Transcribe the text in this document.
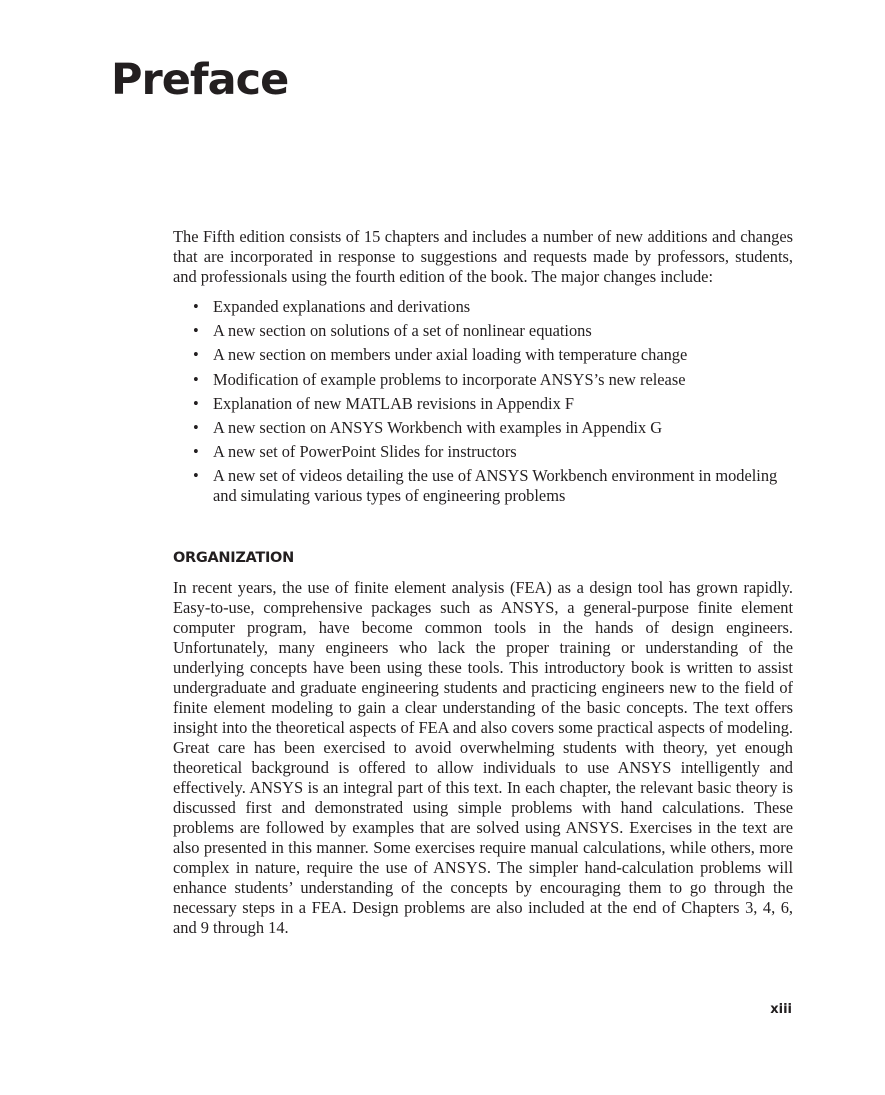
Preface

The Fifth edition consists of 15 chapters and includes a number of new additions and changes that are incorporated in response to suggestions and requests made by professors, students, and professionals using the fourth edition of the book. The major changes include:

• Expanded explanations and derivations
• A new section on solutions of a set of nonlinear equations
• A new section on members under axial loading with temperature change
• Modification of example problems to incorporate ANSYS’s new release
• Explanation of new MATLAB revisions in Appendix F
• A new section on ANSYS Workbench with examples in Appendix G
• A new set of PowerPoint Slides for instructors
• A new set of videos detailing the use of ANSYS Workbench environment in modeling and simulating various types of engineering problems
ORGANIZATION

In recent years, the use of finite element analysis (FEA) as a design tool has grown rapidly. Easy-to-use, comprehensive packages such as ANSYS, a general-purpose finite element computer program, have become common tools in the hands of design engineers. Unfortunately, many engineers who lack the proper training or understanding of the underlying concepts have been using these tools. This introductory book is written to assist undergraduate and graduate engineering students and practicing engineers new to the field of finite element modeling to gain a clear understanding of the basic concepts. The text offers insight into the theoretical aspects of FEA and also covers some practical aspects of modeling. Great care has been exercised to avoid overwhelming students with theory, yet enough theoretical background is offered to allow individuals to use ANSYS intelligently and effectively. ANSYS is an integral part of this text. In each chapter, the relevant basic theory is discussed first and demonstrated using simple problems with hand calculations. These problems are followed by examples that are solved using ANSYS. Exercises in the text are also presented in this manner. Some exercises require manual calculations, while others, more complex in nature, require the use of ANSYS. The simpler hand-calculation problems will enhance students’ understanding of the concepts by encouraging them to go through the necessary steps in a FEA. Design problems are also included at the end of Chapters 3, 4, 6, and 9 through 14.

xiii
